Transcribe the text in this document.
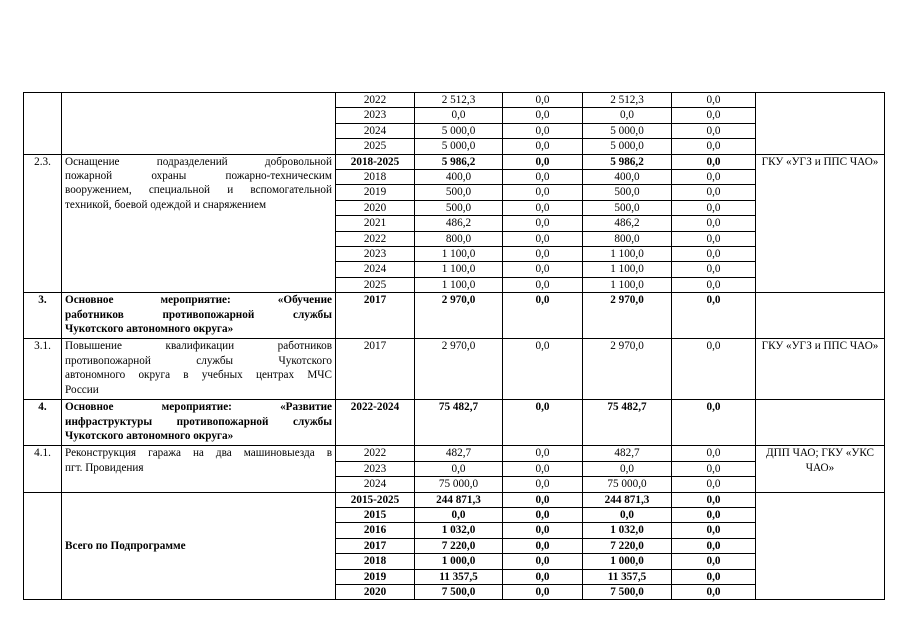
		2022	2 512,3	0,0	2 512,3	0,0	
		2023	0,0	0,0	0,0	0,0	
		2024	5 000,0	0,0	5 000,0	0,0	
		2025	5 000,0	0,0	5 000,0	0,0	
2.3.	Оснащение подразделений добровольной
пожарной охраны пожарно-техническим
вооружением, специальной и вспомогательной
техникой, боевой одеждой и снаряжением	2018-2025	5 986,2	0,0	5 986,2	0,0	ГКУ «УГЗ и ППС ЧАО»
		2018	400,0	0,0	400,0	0,0	
		2019	500,0	0,0	500,0	0,0	
		2020	500,0	0,0	500,0	0,0	
		2021	486,2	0,0	486,2	0,0	
		2022	800,0	0,0	800,0	0,0	
		2023	1 100,0	0,0	1 100,0	0,0	
		2024	1 100,0	0,0	1 100,0	0,0	
		2025	1 100,0	0,0	1 100,0	0,0	
3.	Основное мероприятие: «Обучение
работников противопожарной службы
Чукотского автономного округа»	2017	2 970,0	0,0	2 970,0	0,0	
3.1.	Повышение квалификации работников
противопожарной службы Чукотского
автономного округа в учебных центрах МЧС
России	2017	2 970,0	0,0	2 970,0	0,0	ГКУ «УГЗ и ППС ЧАО»
4.	Основное мероприятие: «Развитие
инфраструктуры противопожарной службы
Чукотского автономного округа»	2022-2024	75 482,7	0,0	75 482,7	0,0	
4.1.	Реконструкция гаража на два машиновыезда в
пгт. Провидения	2022	482,7	0,0	482,7	0,0	ДПП ЧАО; ГКУ «УКС ЧАО»
		2023	0,0	0,0	0,0	0,0	
		2024	75 000,0	0,0	75 000,0	0,0	
	Всего по Подпрограмме	2015-2025	244 871,3	0,0	244 871,3	0,0	
		2015	0,0	0,0	0,0	0,0	
		2016	1 032,0	0,0	1 032,0	0,0	
		2017	7 220,0	0,0	7 220,0	0,0	
		2018	1 000,0	0,0	1 000,0	0,0	
		2019	11 357,5	0,0	11 357,5	0,0	
		2020	7 500,0	0,0	7 500,0	0,0	
